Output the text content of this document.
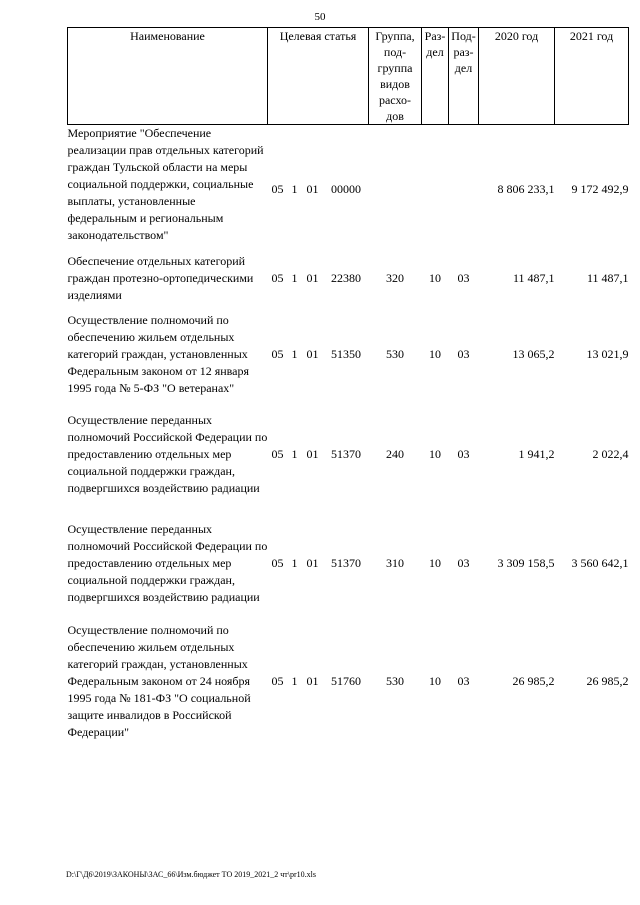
50
Наименование	Целевая статья				Группа, под- группа видов расхо- дов	Раз- дел	Под- раз- дел	2020 год	2021 год
Мероприятие "Обеспечение реализации прав отдельных категорий граждан Тульской области на меры социальной поддержки, социальные выплаты, установленные федеральным и региональным законодательством"	05	1	01	00000				8 806 233,1	9 172 492,9
Обеспечение отдельных категорий граждан протезно-ортопедическими изделиями	05	1	01	22380	320	10	03	11 487,1	11 487,1
Осуществление полномочий по обеспечению жильем отдельных категорий граждан, установленных Федеральным законом от 12 января 1995 года № 5-ФЗ "О ветеранах"	05	1	01	51350	530	10	03	13 065,2	13 021,9
Осуществление переданных полномочий Российской Федерации по предоставлению отдельных мер социальной поддержки граждан, подвергшихся воздействию радиации	05	1	01	51370	240	10	03	1 941,2	2 022,4
Осуществление переданных полномочий Российской Федерации по предоставлению отдельных мер социальной поддержки граждан, подвергшихся воздействию радиации	05	1	01	51370	310	10	03	3 309 158,5	3 560 642,1
Осуществление полномочий по обеспечению жильем отдельных категорий граждан, установленных Федеральным законом от 24 ноября 1995 года № 181-ФЗ "О социальной защите инвалидов в Российской Федерации"	05	1	01	51760	530	10	03	26 985,2	26 985,2
D:\Г\Д6\2019\ЗАКОНЫ\ЗАС_66\Изм.бюджет ТО 2019_2021_2 чт\pr10.xls
